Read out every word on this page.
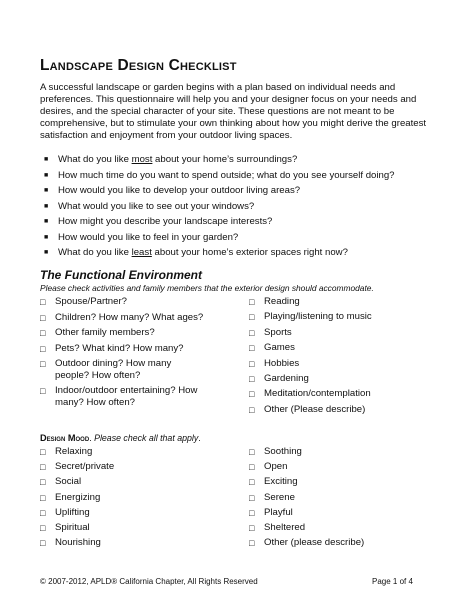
Landscape Design Checklist

A successful landscape or garden begins with a plan based on individual needs and preferences. This questionnaire will help you and your designer focus on your needs and desires, and the special character of your site. These questions are not meant to be comprehensive, but to stimulate your own thinking about how you might derive the greatest satisfaction and enjoyment from your outdoor living spaces.

■	What do you like most about your home’s surroundings?
■	How much time do you want to spend outside; what do you see yourself doing?
■	How would you like to develop your outdoor living areas?
■	What would you like to see out your windows?
■	How might you describe your landscape interests?
■	How would you like to feel in your garden?
■	What do you like least about your home’s exterior spaces right now?
The Functional Environment

Please check activities and family members that the exterior design should accommodate.

□ Spouse/Partner?
□ Children? How many? What ages?
□ Other family members?
□ Pets? What kind? How many?
□ Outdoor dining? How many
people? How often?
□ Indoor/outdoor entertaining? How
many? How often?
□ Reading
□ Playing/listening to music
□ Sports
□ Games
□ Hobbies
□ Gardening
□ Meditation/contemplation
□ Other (Please describe)

Design Mood. Please check all that apply.

□ Relaxing
□ Secret/private
□ Social
□ Energizing
□ Uplifting
□ Spiritual
□ Nourishing
□ Soothing
□ Open
□ Exciting
□ Serene
□ Playful
□ Sheltered
□ Other (please describe)
© 2007-2012, APLD® California Chapter, All Rights Reserved	Page 1 of 4
